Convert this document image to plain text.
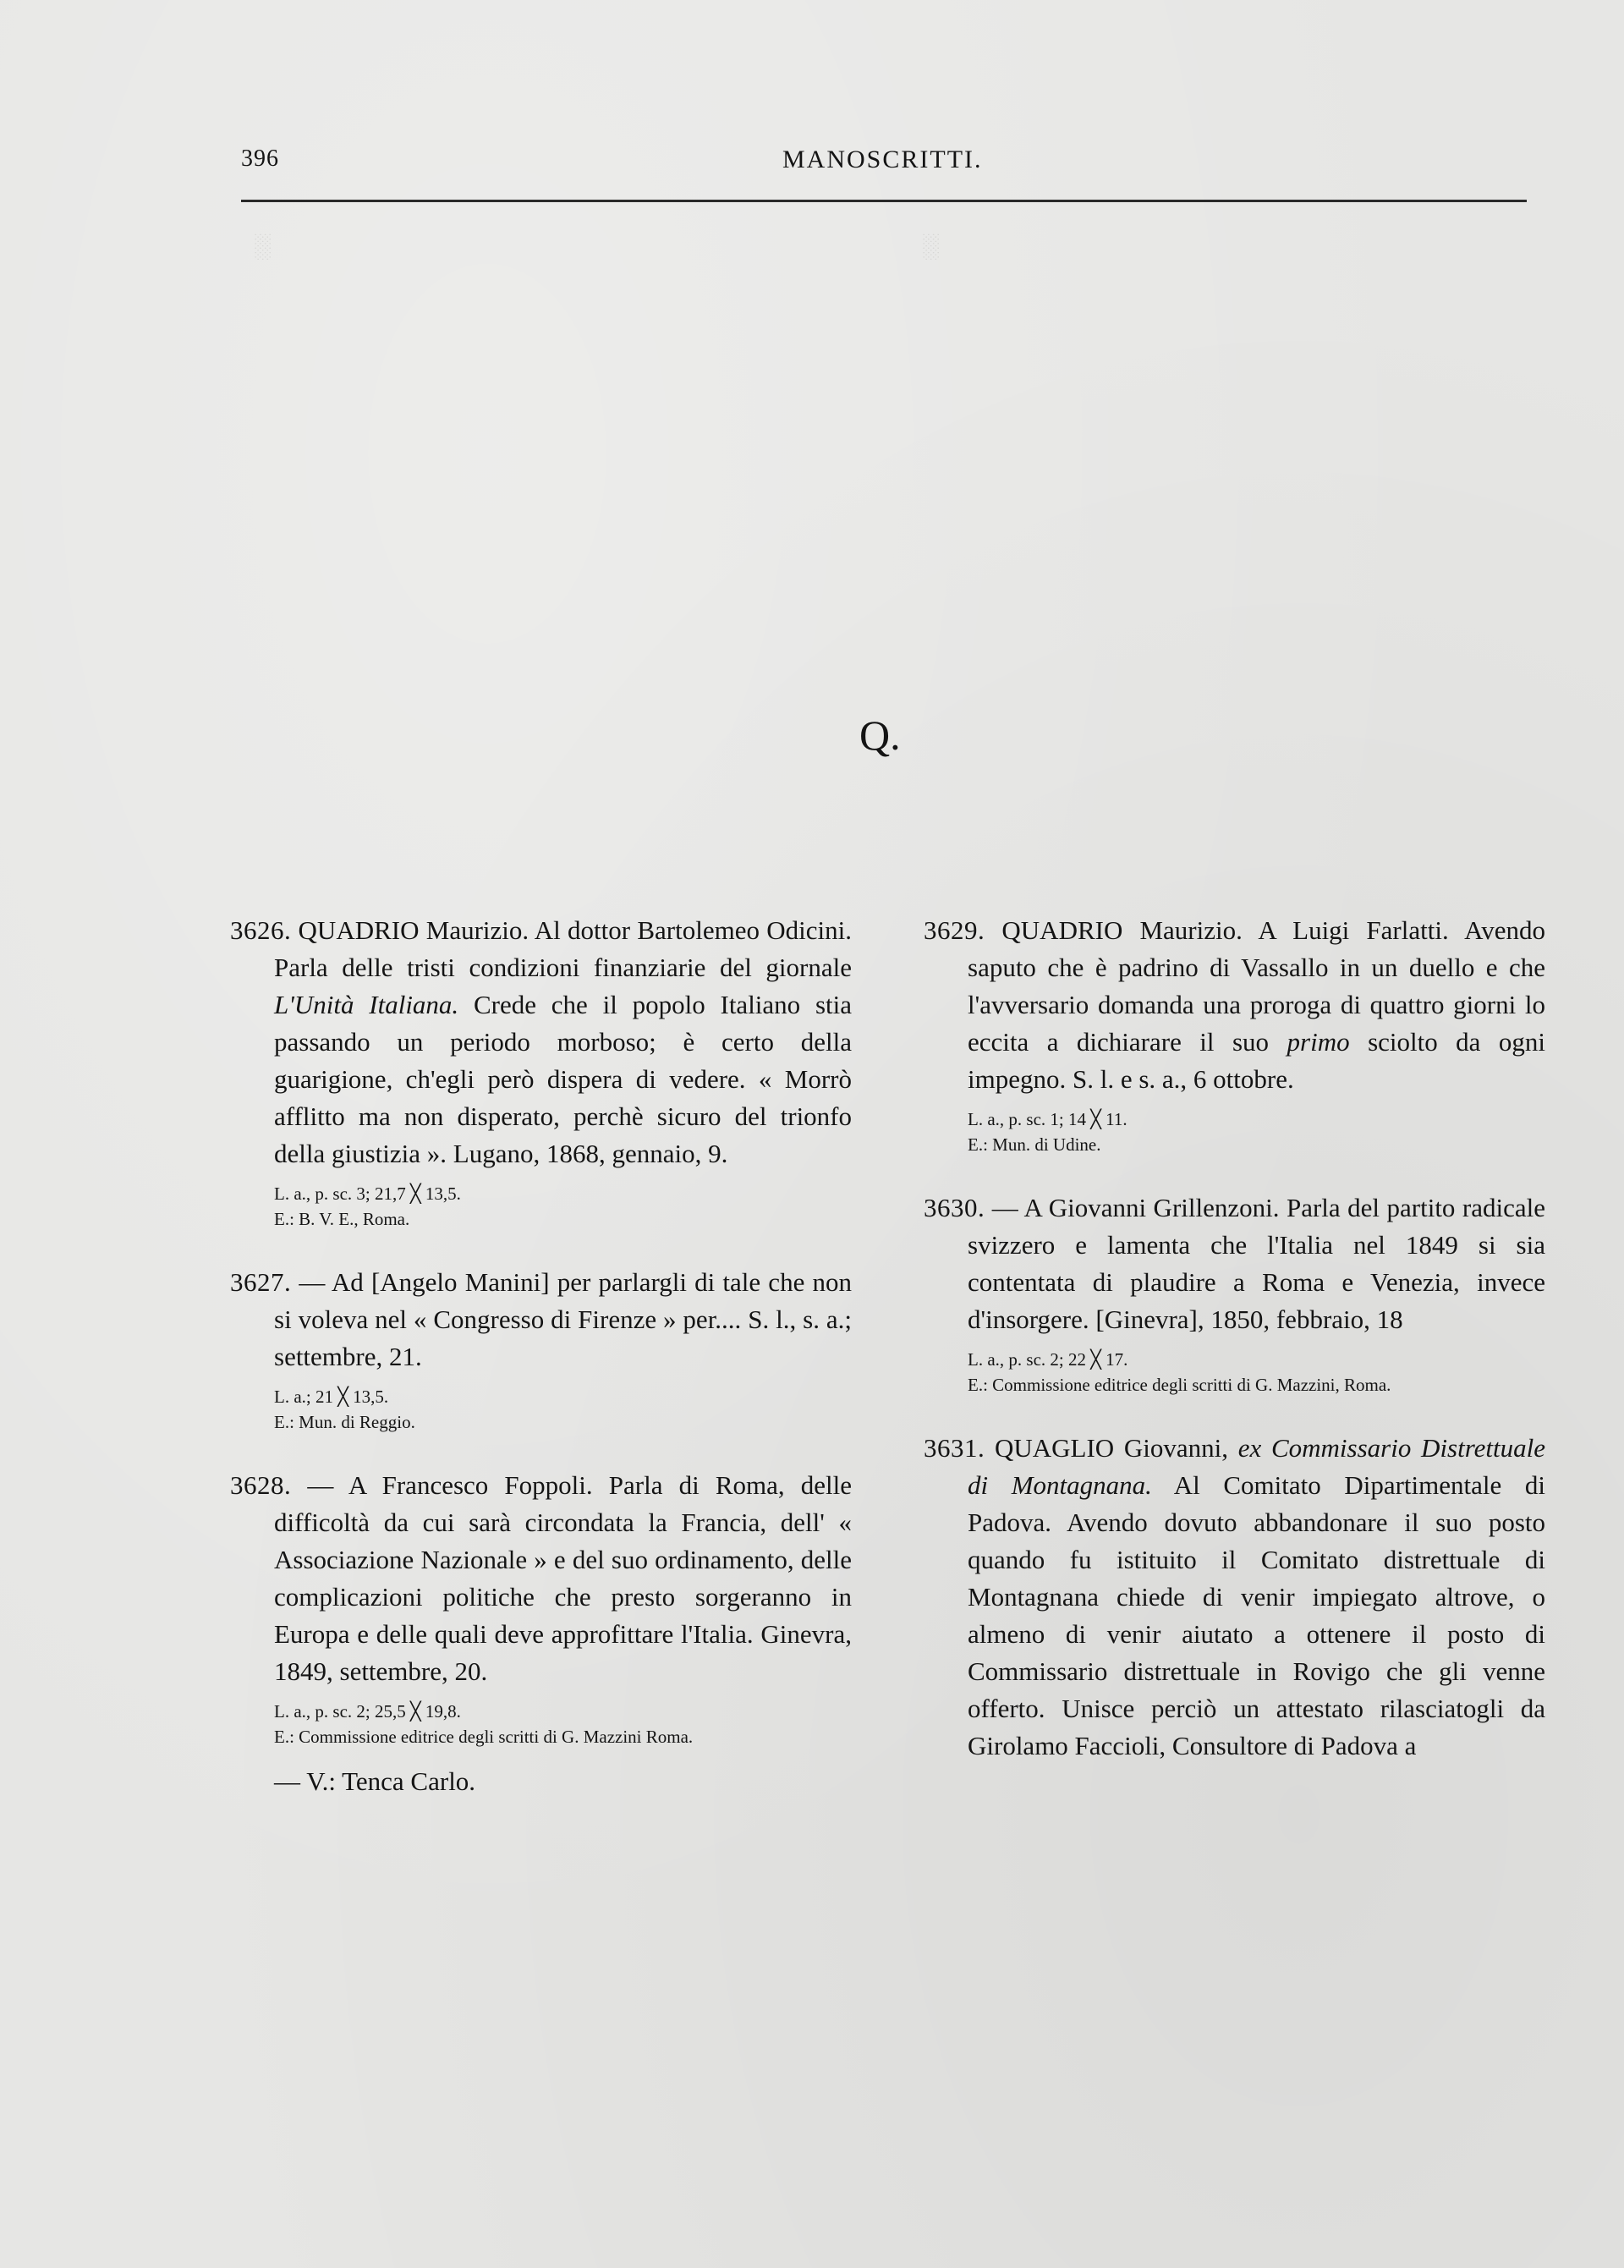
░	░
396	MANOSCRITTI.
Q.

3626. QUADRIO Maurizio. Al dottor Bartolemeo Odicini. Parla delle tristi condizioni finanziarie del giornale L'Unità Italiana. Crede che il popolo Italiano stia passando un periodo morboso; è certo della guarigione, ch'egli però dispera di vedere. « Morrò afflitto ma non disperato, perchè sicuro del trionfo della giustizia ». Lugano, 1868, gennaio, 9.

L. a., p. sc. 3; 21,7 ╳ 13,5.
E.: B. V. E., Roma.

3627. — Ad [Angelo Manini] per parlargli di tale che non si voleva nel « Congresso di Firenze » per.... S. l., s. a.; settembre, 21.

L. a.; 21 ╳ 13,5.
E.: Mun. di Reggio.

3628. — A Francesco Foppoli. Parla di Roma, delle difficoltà da cui sarà circondata la Francia, dell' « Associazione Nazionale » e del suo ordinamento, delle complicazioni politiche che presto sorgeranno in Europa e delle quali deve approfittare l'Italia. Ginevra, 1849, settembre, 20.

L. a., p. sc. 2; 25,5 ╳ 19,8.
E.: Commissione editrice degli scritti di G. Mazzini Roma.
— V.: Tenca Carlo.

3629. QUADRIO Maurizio. A Luigi Farlatti. Avendo saputo che è padrino di Vassallo in un duello e che l'avversario domanda una proroga di quattro giorni lo eccita a dichiarare il suo primo sciolto da ogni impegno. S. l. e s. a., 6 ottobre.

L. a., p. sc. 1; 14 ╳ 11.
E.: Mun. di Udine.

3630. — A Giovanni Grillenzoni. Parla del partito radicale svizzero e lamenta che l'Italia nel 1849 si sia contentata di plaudire a Roma e Venezia, invece d'insorgere. [Ginevra], 1850, febbraio, 18

L. a., p. sc. 2; 22 ╳ 17.
E.: Commissione editrice degli scritti di G. Mazzini, Roma.

3631. QUAGLIO Giovanni, ex Commissario Distrettuale di Montagnana. Al Comitato Dipartimentale di Padova. Avendo dovuto abbandonare il suo posto quando fu istituito il Comitato distrettuale di Montagnana chiede di venir impiegato altrove, o almeno di venir aiutato a ottenere il posto di Commissario distrettuale in Rovigo che gli venne offerto. Unisce perciò un attestato rilasciatogli da Girolamo Faccioli, Consultore di Padova a
